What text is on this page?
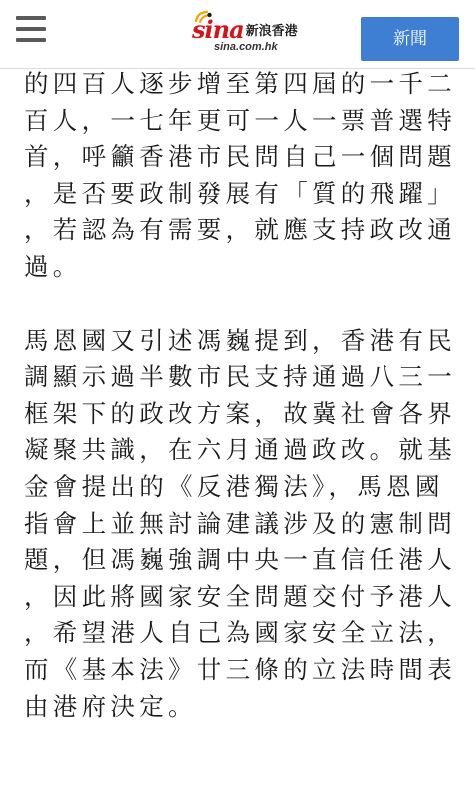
sina 新浪香港
sina.com.hk	新聞

的四百人逐步增至第四屆的一千二
百人，一七年更可一人一票普選特
首，呼籲香港市民問自己一個問題
，是否要政制發展有「質的飛躍」
，若認為有需要，就應支持政改通
過。

馬恩國又引述馮巍提到，香港有民
調顯示過半數市民支持通過八三一
框架下的政改方案，故冀社會各界
凝聚共識，在六月通過政改。就基
金會提出的《反港獨法》，馬恩國
指會上並無討論建議涉及的憲制問
題，但馮巍強調中央一直信任港人
，因此將國家安全問題交付予港人
，希望港人自己為國家安全立法，
而《基本法》廿三條的立法時間表
由港府決定。
